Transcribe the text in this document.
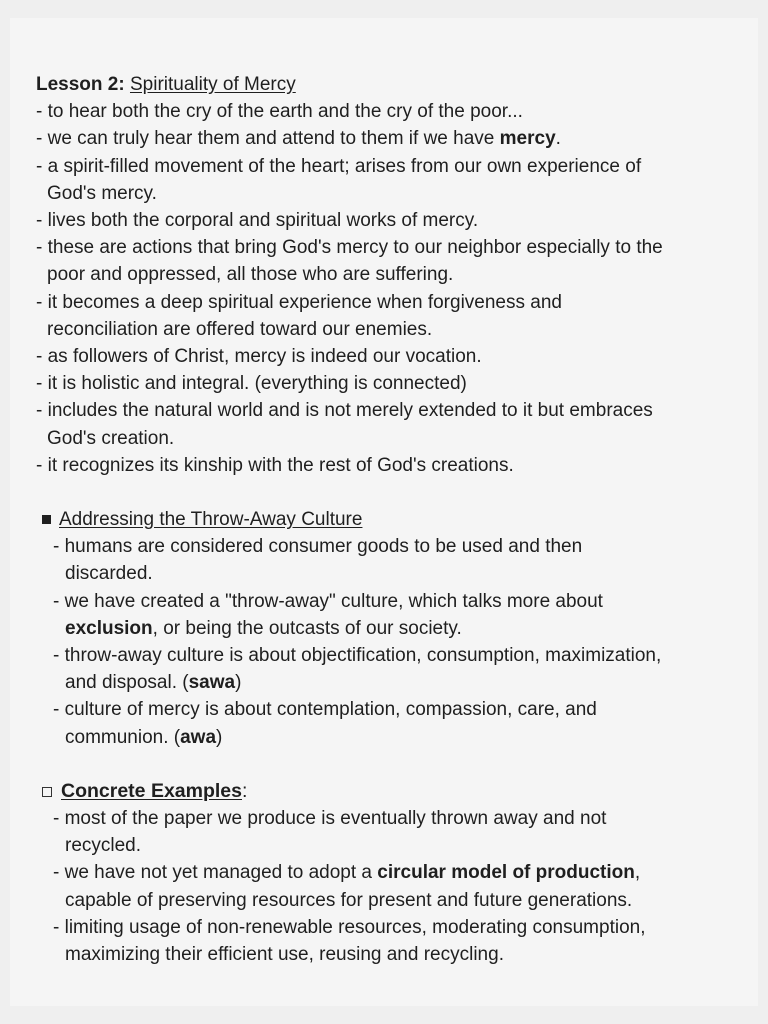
Lesson 2: Spirituality of Mercy
- to hear both the cry of the earth and the cry of the poor...
- we can truly hear them and attend to them if we have mercy.
- a spirit-filled movement of the heart; arises from our own experience of
God's mercy.
- lives both the corporal and spiritual works of mercy.
- these are actions that bring God's mercy to our neighbor especially to the
poor and oppressed, all those who are suffering.
- it becomes a deep spiritual experience when forgiveness and
reconciliation are offered toward our enemies.
- as followers of Christ, mercy is indeed our vocation.
- it is holistic and integral. (everything is connected)
- includes the natural world and is not merely extended to it but embraces
God's creation.
- it recognizes its kinship with the rest of God's creations.
Addressing the Throw-Away Culture
- humans are considered consumer goods to be used and then
discarded.
- we have created a "throw-away" culture, which talks more about
exclusion, or being the outcasts of our society.
- throw-away culture is about objectification, consumption, maximization,
and disposal. (sawa)
- culture of mercy is about contemplation, compassion, care, and
communion. (awa)
Concrete Examples:
- most of the paper we produce is eventually thrown away and not
recycled.
- we have not yet managed to adopt a circular model of production,
capable of preserving resources for present and future generations.
- limiting usage of non-renewable resources, moderating consumption,
maximizing their efficient use, reusing and recycling.
